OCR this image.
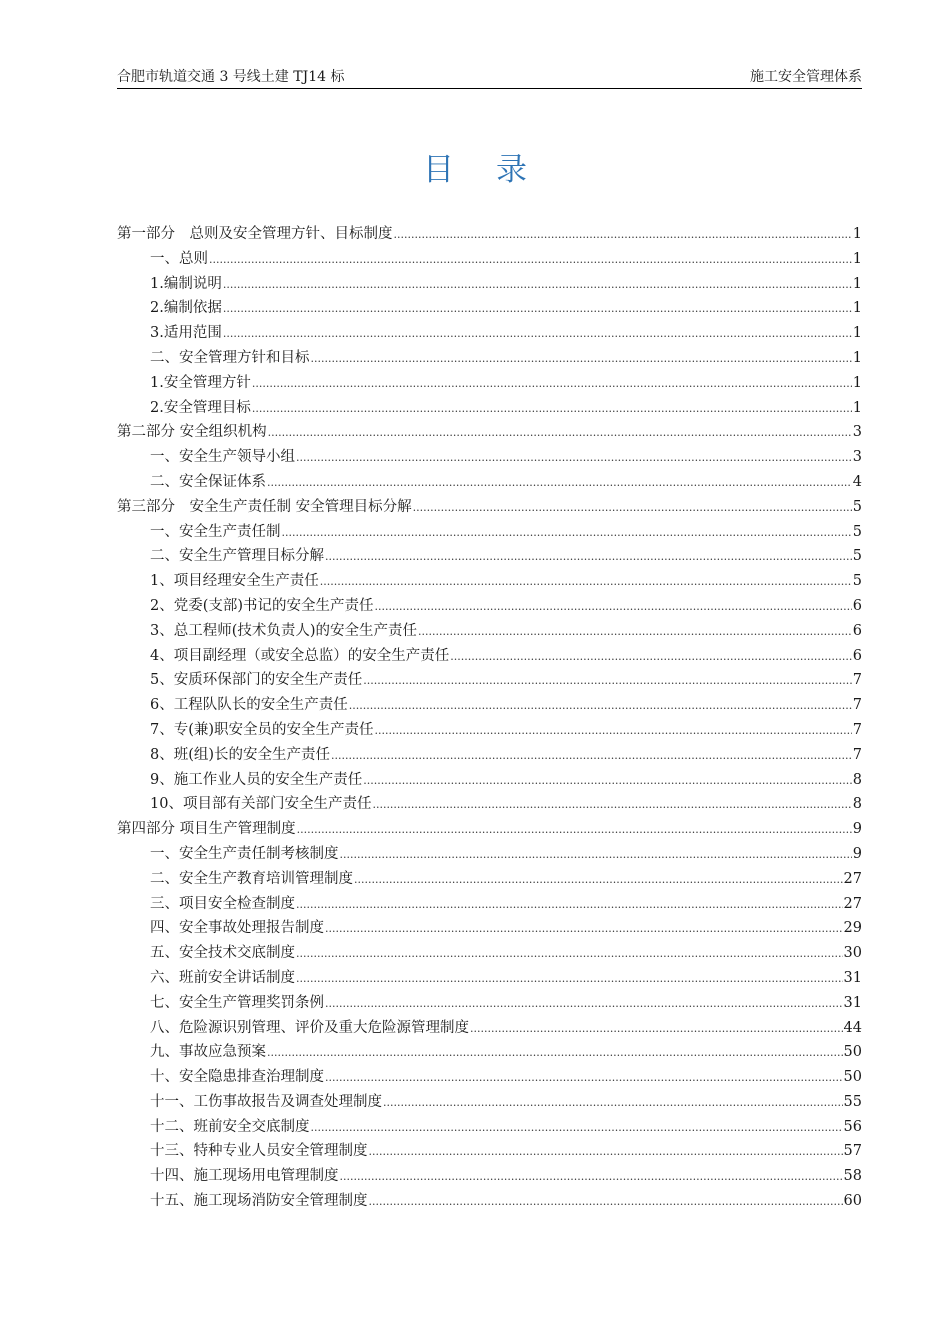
合肥市轨道交通 3 号线土建 TJ14 标	施工安全管理体系
目录
第一部分　总则及安全管理方针、目标制度 .....	1
一、总则 .....	1
1.编制说明 .....	1
2.编制依据 .....	1
3.适用范围 .....	1
二、安全管理方针和目标 .....	1
1.安全管理方针 .....	1
2.安全管理目标 .....	1
第二部分 安全组织机构 .....	3
一、安全生产领导小组 .....	3
二、安全保证体系 .....	4
第三部分　安全生产责任制 安全管理目标分解 .....	5
一、安全生产责任制 .....	5
二、安全生产管理目标分解 .....	5
1、项目经理安全生产责任 .....	5
2、党委(支部)书记的安全生产责任 .....	6
3、总工程师(技术负责人)的安全生产责任 .....	6
4、项目副经理（或安全总监）的安全生产责任 .....	6
5、安质环保部门的安全生产责任 .....	7
6、工程队队长的安全生产责任 .....	7
7、专(兼)职安全员的安全生产责任 .....	7
8、班(组)长的安全生产责任 .....	7
9、施工作业人员的安全生产责任 .....	8
10、项目部有关部门安全生产责任 .....	8
第四部分 项目生产管理制度 .....	9
一、安全生产责任制考核制度 .....	9
二、安全生产教育培训管理制度 .....	27
三、项目安全检查制度 .....	27
四、安全事故处理报告制度 .....	29
五、安全技术交底制度 .....	30
六、班前安全讲话制度 .....	31
七、安全生产管理奖罚条例 .....	31
八、危险源识别管理、评价及重大危险源管理制度 .....	44
九、事故应急预案 .....	50
十、安全隐患排查治理制度 .....	50
十一、工伤事故报告及调查处理制度 .....	55
十二、班前安全交底制度 .....	56
十三、特种专业人员安全管理制度 .....	57
十四、施工现场用电管理制度 .....	58
十五、施工现场消防安全管理制度 .....	60
